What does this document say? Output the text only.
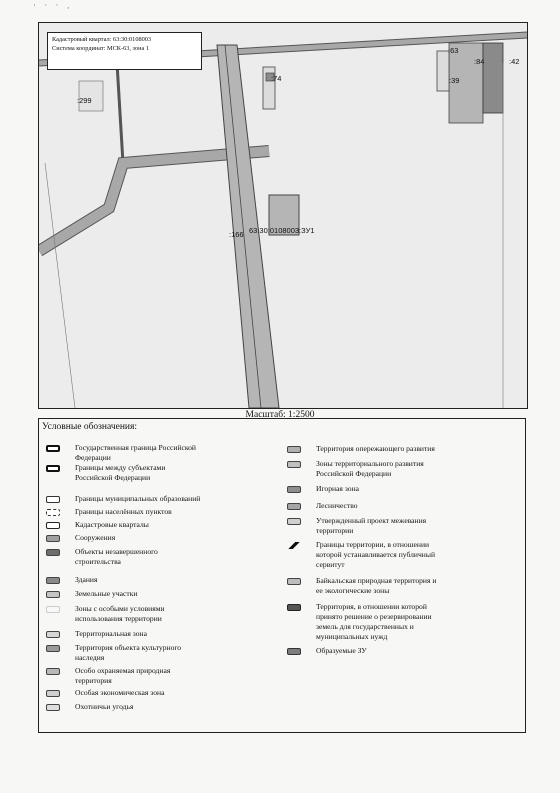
˙ ˙ ˙ ·
:299
:74
:63
:84	:42
:39
:166 63:30:0108003:ЗУ1
Кадастровый квартал: 63:30:0108003
Система координат: МСК-63, зона 1
Масштаб: 1:2500
Условные обозначения:
Государственная граница Российской
Федерации
Границы между субъектами
Российской Федерации
Границы муниципальных образований
Границы населённых пунктов
Кадастровые кварталы
Сооружения
Объекты незавершенного
строительства
Здания
Земельные участки
Зоны с особыми условиями
использования территории
Территориальная зона
Территория объекта культурного
наследия
Особо охраняемая природная
территория
Особая экономическая зона
Охотничьи угодья
Территория опережающего развития
Зоны территориального развития
Российской Федерации
Игорная зона
Лесничество
Утвержденный проект межевания
территории
Границы территории, в отношении
которой устанавливается публичный
сервитут
Байкальская природная территория и
ее экологические зоны
Территория, в отношении которой
принято решение о резервировании
земель для государственных и
муниципальных нужд
Образуемые ЗУ
